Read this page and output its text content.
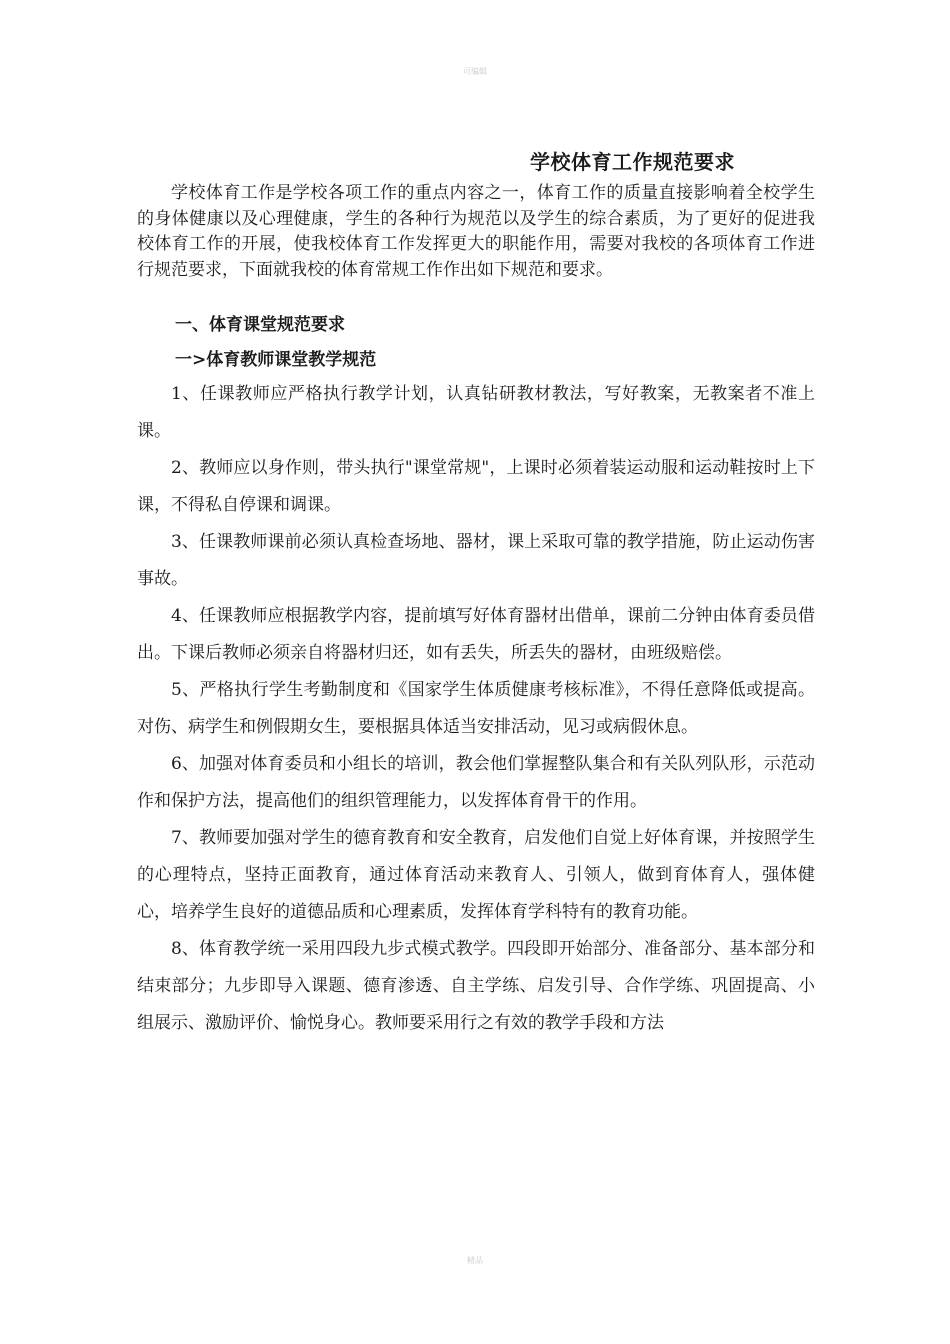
可编辑
学校体育工作规范要求

学校体育工作是学校各项工作的重点内容之一，体育工作的质量直接影响着全校学生的身体健康以及心理健康，学生的各种行为规范以及学生的综合素质，为了更好的促进我校体育工作的开展，使我校体育工作发挥更大的职能作用，需要对我校的各项体育工作进行规范要求，下面就我校的体育常规工作作出如下规范和要求。

一、体育课堂规范要求
一>体育教师课堂教学规范

1、任课教师应严格执行教学计划，认真钻研教材教法，写好教案，无教案者不准上课。

2、教师应以身作则，带头执行"课堂常规"，上课时必须着装运动服和运动鞋按时上下课，不得私自停课和调课。

3、任课教师课前必须认真检查场地、器材，课上采取可靠的教学措施，防止运动伤害事故。

4、任课教师应根据教学内容，提前填写好体育器材出借单，课前二分钟由体育委员借出。下课后教师必须亲自将器材归还，如有丢失，所丢失的器材，由班级赔偿。

5、严格执行学生考勤制度和《国家学生体质健康考核标准》，不得任意降低或提高。对伤、病学生和例假期女生，要根据具体适当安排活动，见习或病假休息。

6、加强对体育委员和小组长的培训，教会他们掌握整队集合和有关队列队形，示范动作和保护方法，提高他们的组织管理能力，以发挥体育骨干的作用。

7、教师要加强对学生的德育教育和安全教育，启发他们自觉上好体育课，并按照学生的心理特点，坚持正面教育，通过体育活动来教育人、引领人，做到育体育人，强体健心，培养学生良好的道德品质和心理素质，发挥体育学科特有的教育功能。

8、体育教学统一采用四段九步式模式教学。四段即开始部分、准备部分、基本部分和结束部分；九步即导入课题、德育渗透、自主学练、启发引导、合作学练、巩固提高、小组展示、激励评价、愉悦身心。教师要采用行之有效的教学手段和方法

精品
